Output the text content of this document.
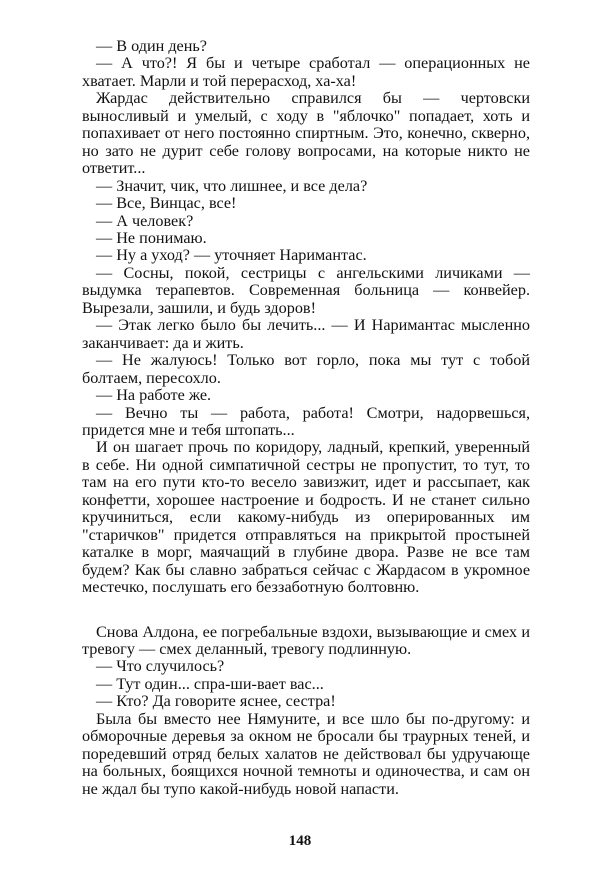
— В один день?

— А что?! Я бы и четыре сработал — операционных не хватает. Марли и той перерасход, ха-ха!

Жардас действительно справился бы — чертовски выносливый и умелый, с ходу в "яблочко" попадает, хоть и попахивает от него постоянно спиртным. Это, конечно, скверно, но зато не дурит себе голову вопросами, на которые никто не ответит...

— Значит, чик, что лишнее, и все дела?

— Все, Винцас, все!

— А человек?

— Не понимаю.

— Ну а уход? — уточняет Наримантас.

— Сосны, покой, сестрицы с ангельскими личиками — выдумка терапевтов. Современная больница — конвейер. Вырезали, зашили, и будь здоров!

— Этак легко было бы лечить... — И Наримантас мысленно заканчивает: да и жить.

— Не жалуюсь! Только вот горло, пока мы тут с тобой болтаем, пересохло.

— На работе же.

— Вечно ты — работа, работа! Смотри, надорвешься, придется мне и тебя штопать...

И он шагает прочь по коридору, ладный, крепкий, уверенный в себе. Ни одной симпатичной сестры не пропустит, то тут, то там на его пути кто-то весело завизжит, идет и рассыпает, как конфетти, хорошее настроение и бодрость. И не станет сильно кручиниться, если какому-нибудь из оперированных им "старичков" придется отправляться на прикрытой простыней каталке в морг, маячащий в глубине двора. Разве не все там будем? Как бы славно забраться сейчас с Жардасом в укромное местечко, послушать его беззаботную болтовню.

Снова Алдона, ее погребальные вздохи, вызывающие и смех и тревогу — смех деланный, тревогу подлинную.

— Что случилось?

— Тут один... спра-ши-вает вас...

— Кто? Да говорите яснее, сестра!

Была бы вместо нее Нямуните, и все шло бы по-другому: и обморочные деревья за окном не бросали бы траурных теней, и поредевший отряд белых халатов не действовал бы удручающе на больных, боящихся ночной темноты и одиночества, и сам он не ждал бы тупо какой-нибудь новой напасти.

148
